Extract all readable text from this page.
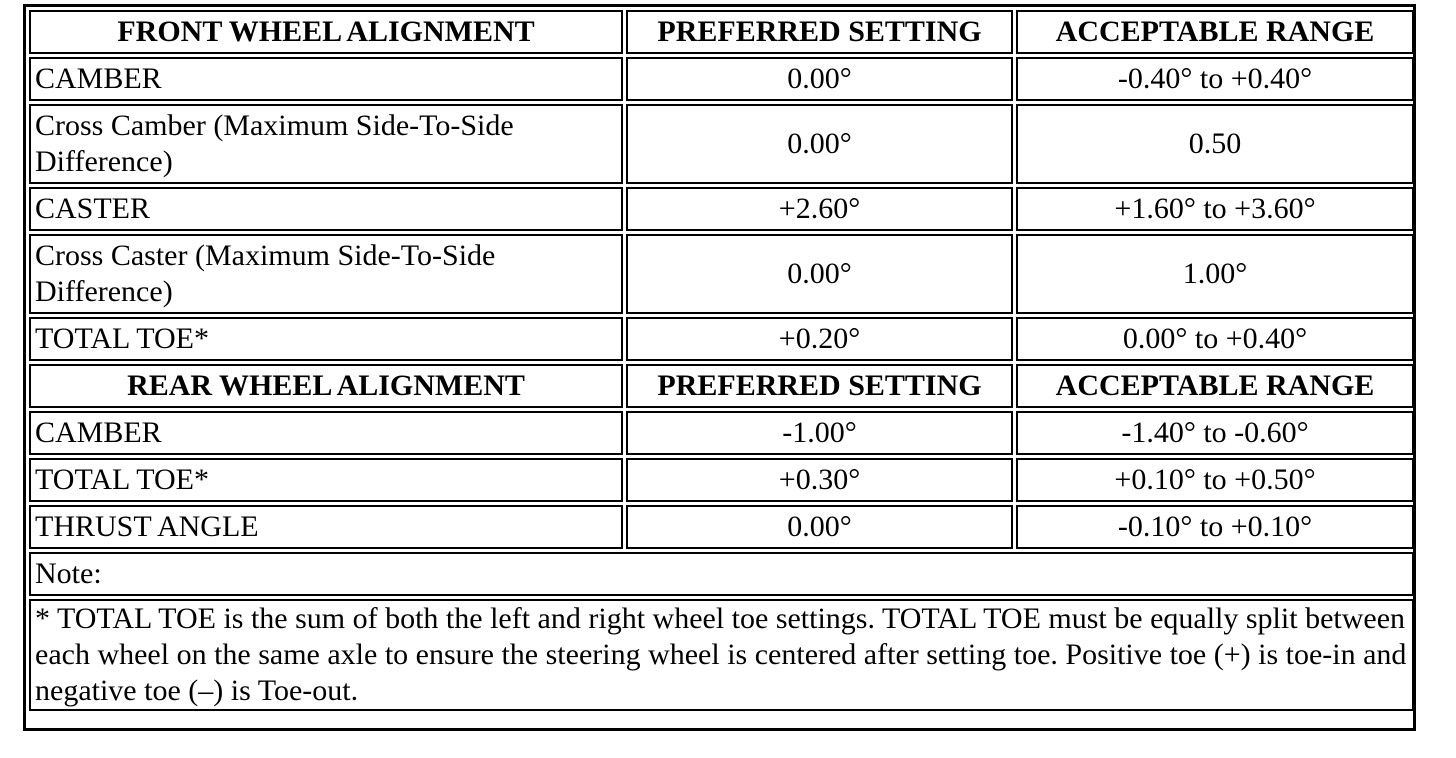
FRONT WHEEL ALIGNMENT	PREFERRED SETTING	ACCEPTABLE RANGE
CAMBER	0.00°	-0.40° to +0.40°
Cross Camber (Maximum Side-To-Side Difference)	0.00°	0.50
CASTER	+2.60°	+1.60° to +3.60°
Cross Caster (Maximum Side-To-Side Difference)	0.00°	1.00°
TOTAL TOE*	+0.20°	0.00° to +0.40°
REAR WHEEL ALIGNMENT	PREFERRED SETTING	ACCEPTABLE RANGE
CAMBER	-1.00°	-1.40° to -0.60°
TOTAL TOE*	+0.30°	+0.10° to +0.50°
THRUST ANGLE	0.00°	-0.10° to +0.10°
Note:		
* TOTAL TOE is the sum of both the left and right wheel toe settings. TOTAL TOE must be equally split between each wheel on the same axle to ensure the steering wheel is centered after setting toe. Positive toe (+) is toe-in and negative toe (–) is Toe-out.		
